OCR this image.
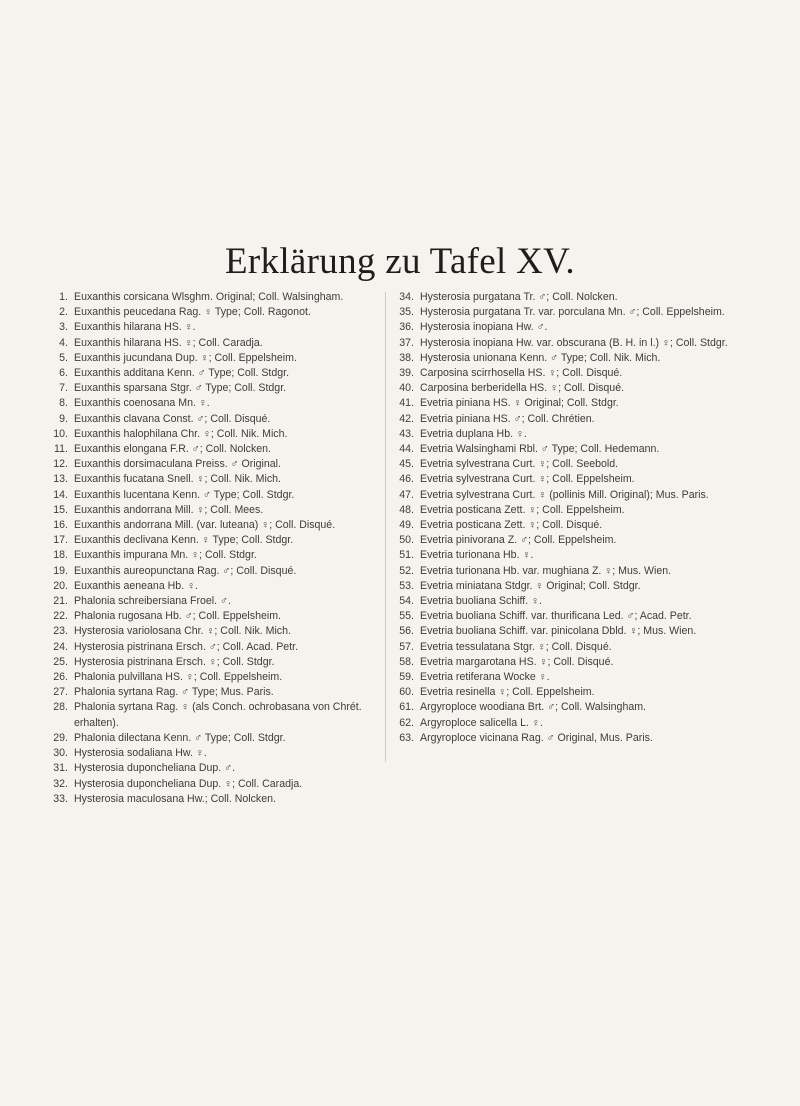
Erklärung zu Tafel XV.

1. Euxanthis corsicana Wlsghm. Original; Coll. Walsingham.

2. Euxanthis peucedana Rag. ♀ Type; Coll. Ragonot.

3. Euxanthis hilarana HS. ♀.

4. Euxanthis hilarana HS. ♀; Coll. Caradja.

5. Euxanthis jucundana Dup. ♀; Coll. Eppelsheim.

6. Euxanthis additana Kenn. ♂ Type; Coll. Stdgr.

7. Euxanthis sparsana Stgr. ♂ Type; Coll. Stdgr.

8. Euxanthis coenosana Mn. ♀.

9. Euxanthis clavana Const. ♂; Coll. Disqué.

10. Euxanthis halophilana Chr. ♀; Coll. Nik. Mich.

11. Euxanthis elongana F.R. ♂; Coll. Nolcken.

12. Euxanthis dorsimaculana Preiss. ♂ Original.

13. Euxanthis fucatana Snell. ♀; Coll. Nik. Mich.

14. Euxanthis lucentana Kenn. ♂ Type; Coll. Stdgr.

15. Euxanthis andorrana Mill. ♀; Coll. Mees.

16. Euxanthis andorrana Mill. (var. luteana) ♀; Coll. Disqué.

17. Euxanthis declivana Kenn. ♀ Type; Coll. Stdgr.

18. Euxanthis impurana Mn. ♀; Coll. Stdgr.

19. Euxanthis aureopunctana Rag. ♂; Coll. Disqué.

20. Euxanthis aeneana Hb. ♀.

21. Phalonia schreibersiana Froel. ♂.

22. Phalonia rugosana Hb. ♂; Coll. Eppelsheim.

23. Hysterosia variolosana Chr. ♀; Coll. Nik. Mich.

24. Hysterosia pistrinana Ersch. ♂; Coll. Acad. Petr.

25. Hysterosia pistrinana Ersch. ♀; Coll. Stdgr.

26. Phalonia pulvillana HS. ♀; Coll. Eppelsheim.

27. Phalonia syrtana Rag. ♂ Type; Mus. Paris.

28. Phalonia syrtana Rag. ♀ (als Conch. ochrobasana von Chrét. erhalten).

29. Phalonia dilectana Kenn. ♂ Type; Coll. Stdgr.

30. Hysterosia sodaliana Hw. ♀.

31. Hysterosia duponcheliana Dup. ♂.

32. Hysterosia duponcheliana Dup. ♀; Coll. Caradja.

33. Hysterosia maculosana Hw.; Coll. Nolcken.

34. Hysterosia purgatana Tr. ♂; Coll. Nolcken.

35. Hysterosia purgatana Tr. var. porculana Mn. ♂; Coll. Eppelsheim.

36. Hysterosia inopiana Hw. ♂.

37. Hysterosia inopiana Hw. var. obscurana (B. H. in l.) ♀; Coll. Stdgr.

38. Hysterosia unionana Kenn. ♂ Type; Coll. Nik. Mich.

39. Carposina scirrhosella HS. ♀; Coll. Disqué.

40. Carposina berberidella HS. ♀; Coll. Disqué.

41. Evetria piniana HS. ♀ Original; Coll. Stdgr.

42. Evetria piniana HS. ♂; Coll. Chrétien.

43. Evetria duplana Hb. ♀.

44. Evetria Walsinghami Rbl. ♂ Type; Coll. Hedemann.

45. Evetria sylvestrana Curt. ♀; Coll. Seebold.

46. Evetria sylvestrana Curt. ♀; Coll. Eppelsheim.

47. Evetria sylvestrana Curt. ♀ (pollinis Mill. Original); Mus. Paris.

48. Evetria posticana Zett. ♀; Coll. Eppelsheim.

49. Evetria posticana Zett. ♀; Coll. Disqué.

50. Evetria pinivorana Z. ♂; Coll. Eppelsheim.

51. Evetria turionana Hb. ♀.

52. Evetria turionana Hb. var. mughiana Z. ♀; Mus. Wien.

53. Evetria miniatana Stdgr. ♀ Original; Coll. Stdgr.

54. Evetria buoliana Schiff. ♀.

55. Evetria buoliana Schiff. var. thurificana Led. ♂; Acad. Petr.

56. Evetria buoliana Schiff. var. pinicolana Dbld. ♀; Mus. Wien.

57. Evetria tessulatana Stgr. ♀; Coll. Disqué.

58. Evetria margarotana HS. ♀; Coll. Disqué.

59. Evetria retiferana Wocke ♀.

60. Evetria resinella ♀; Coll. Eppelsheim.

61. Argyroploce woodiana Brt. ♂; Coll. Walsingham.

62. Argyroploce salicella L. ♀.

63. Argyroploce vicinana Rag. ♂ Original, Mus. Paris.
